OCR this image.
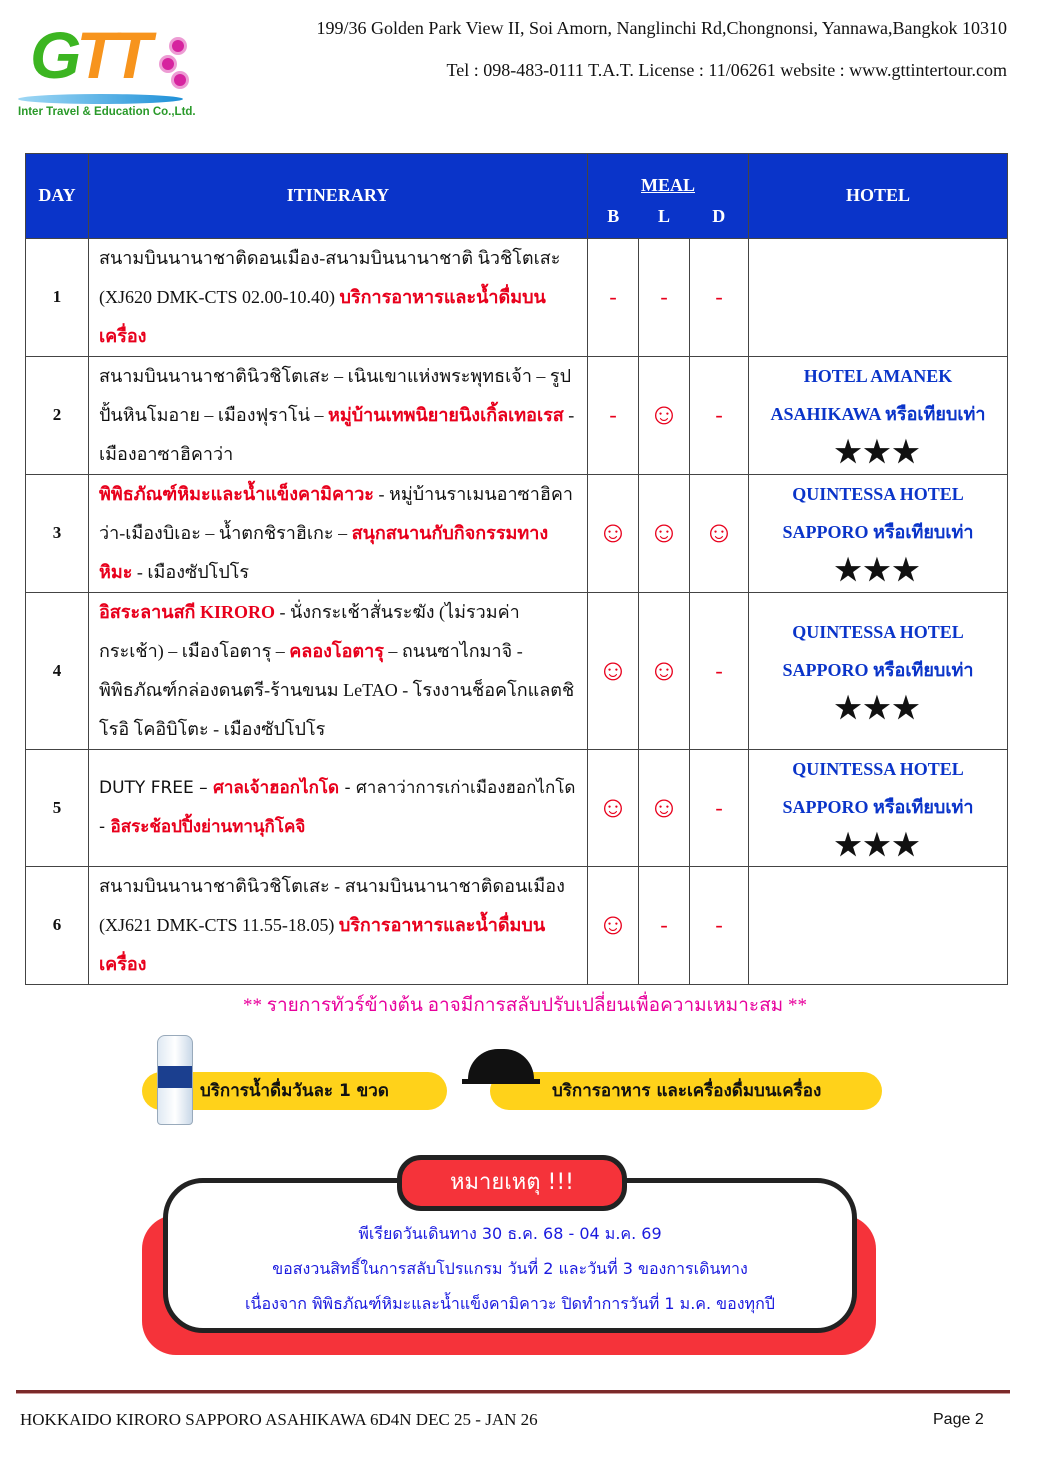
GTT
Inter Travel & Education Co.,Ltd.
199/36 Golden Park View II, Soi Amorn, Nanglinchi Rd,Chongnonsi, Yannawa,Bangkok 10310
Tel : 098-483-0111 T.A.T. License : 11/06261 website : www.gttintertour.com
DAY	ITINERARY	MEAL			HOTEL
		B	L	D	
1	สนามบินนานาชาติดอนเมือง-สนามบินนานาชาติ นิวชิโตเสะ (XJ620 DMK-CTS 02.00-10.40) บริการอาหารและน้ำดื่มบนเครื่อง	-	-	-	

2	สนามบินนานาชาตินิวชิโตเสะ – เนินเขาแห่งพระพุทธเจ้า – รูปปั้นหินโมอาย – เมืองฟุราโน่ – หมู่บ้านเทพนิยายนิงเกิ้ลเทอเรส - เมืองอาซาฮิคาว่า	-	☺	-	HOTEL AMANEK
ASAHIKAWA หรือเทียบเท่า
★★★

3	พิพิธภัณฑ์หิมะและน้ำแข็งคามิคาวะ - หมู่บ้านราเมนอาซาฮิคาว่า-เมืองบิเอะ – น้ำตกชิราฮิเกะ – สนุกสนานกับกิจกรรมทางหิมะ - เมืองซัปโปโร	☺	☺	☺	QUINTESSA HOTEL
SAPPORO หรือเทียบเท่า
★★★

4	อิสระลานสกี KIRORO - นั่งกระเช้าสั่นระฆัง (ไม่รวมค่ากระเช้า) – เมืองโอตารุ – คลองโอตารุ – ถนนซาไกมาจิ - พิพิธภัณฑ์กล่องดนตรี-ร้านขนม LeTAO - โรงงานช็อคโกแลตชิโรอิ โคอิบิโตะ - เมืองซัปโปโร	☺	☺	-	QUINTESSA HOTEL
SAPPORO หรือเทียบเท่า
★★★

5	DUTY FREE – ศาลเจ้าฮอกไกโด - ศาลาว่าการเก่าเมืองฮอกไกโด - อิสระช้อปปิ้งย่านทานุกิโคจิ	☺	☺	-	QUINTESSA HOTEL
SAPPORO หรือเทียบเท่า
★★★

6	สนามบินนานาชาตินิวชิโตเสะ - สนามบินนานาชาติดอนเมือง (XJ621 DMK-CTS 11.55-18.05) บริการอาหารและน้ำดื่มบนเครื่อง	☺	-	-	
** รายการทัวร์ข้างต้น อาจมีการสลับปรับเปลี่ยนเพื่อความเหมาะสม **
บริการน้ำดื่มวันละ 1 ขวด	บริการอาหาร และเครื่องดื่มบนเครื่อง
หมายเหตุ !!!
พีเรียดวันเดินทาง 30 ธ.ค. 68 - 04 ม.ค. 69
ขอสงวนสิทธิ์ในการสลับโปรแกรม วันที่ 2 และวันที่ 3 ของการเดินทาง
เนื่องจาก พิพิธภัณฑ์หิมะและน้ำแข็งคามิคาวะ ปิดทำการวันที่ 1 ม.ค. ของทุกปี
HOKKAIDO KIRORO SAPPORO ASAHIKAWA 6D4N DEC 25 - JAN 26	Page 2
